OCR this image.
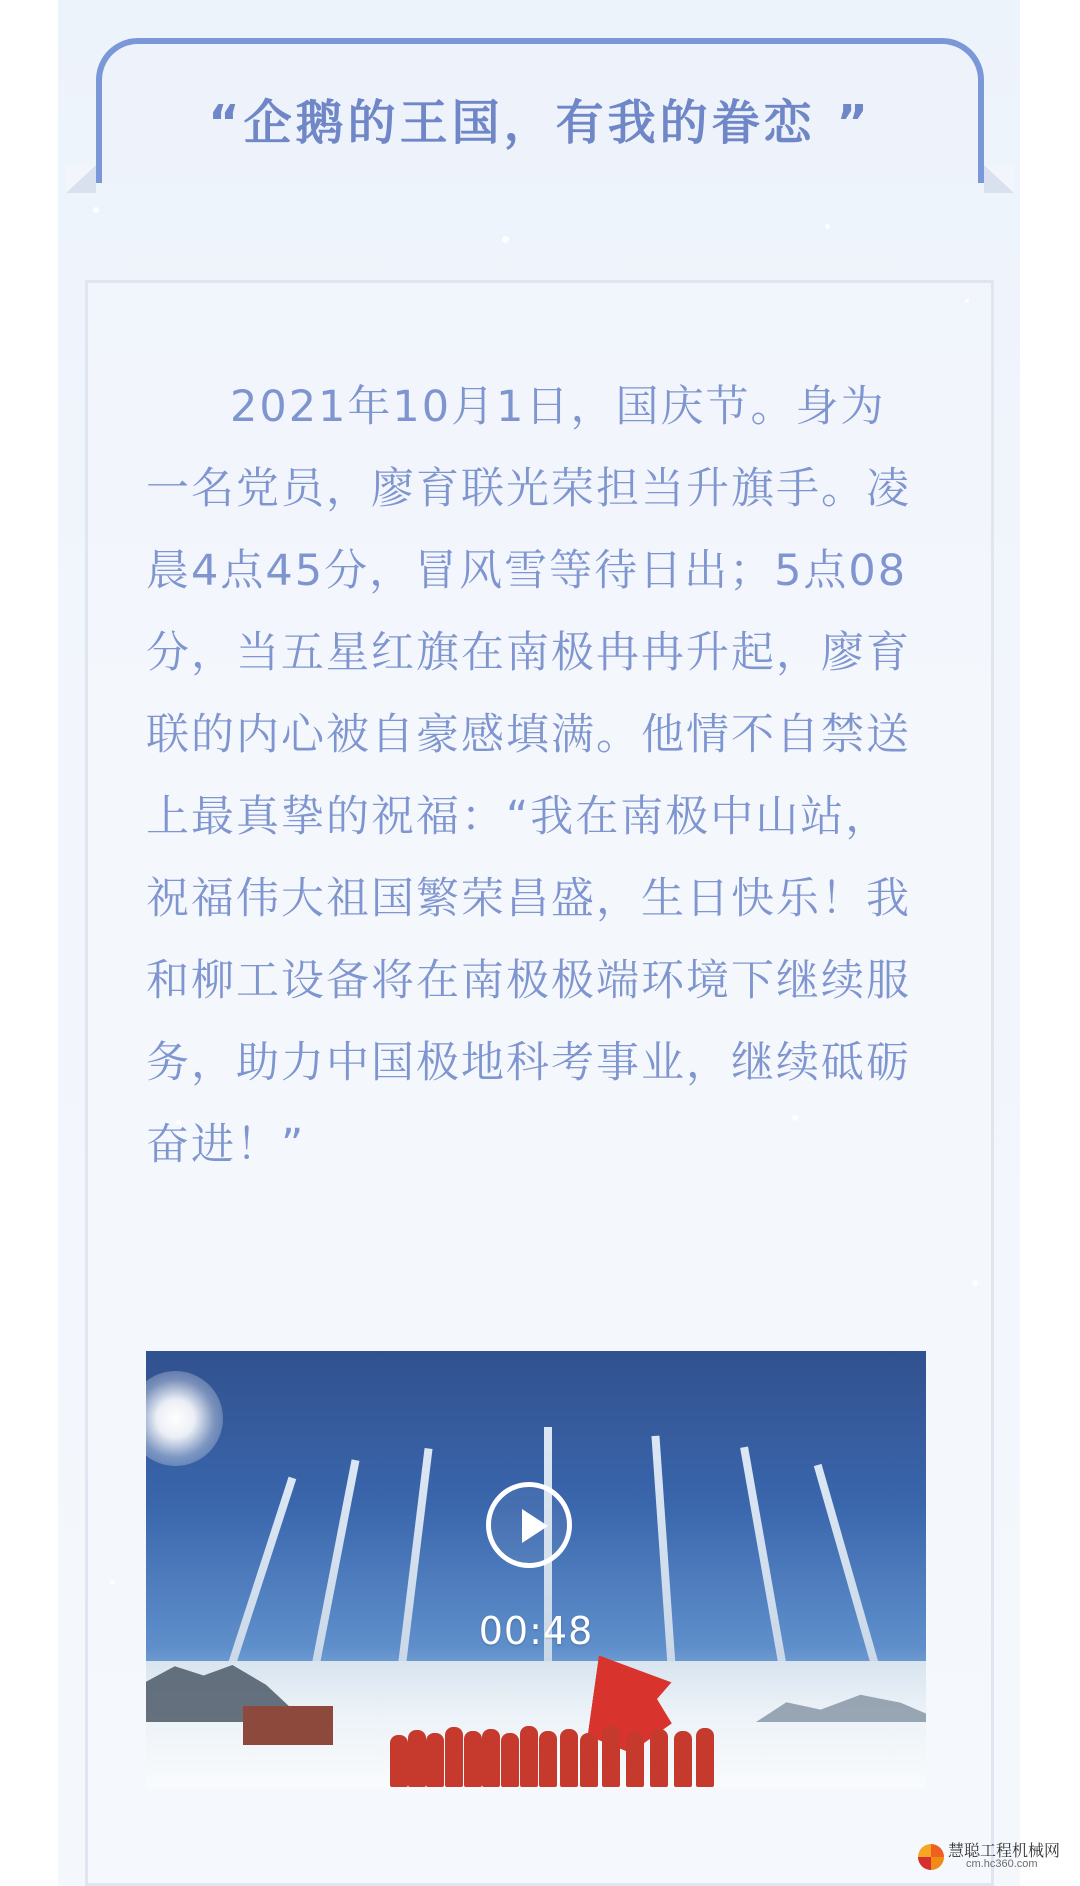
“企鹅的王国，有我的眷恋 ”
2021年10月1日，国庆节。身为一名党员，廖育联光荣担当升旗手。凌晨4点45分，冒风雪等待日出；5点08分，当五星红旗在南极冉冉升起，廖育联的内心被自豪感填满。他情不自禁送上最真挚的祝福：“我在南极中山站，祝福伟大祖国繁荣昌盛，生日快乐！我和柳工设备将在南极极端环境下继续服务，助力中国极地科考事业，继续砥砺奋进！”
00:48
慧聪工程机械网
cm.hc360.com
